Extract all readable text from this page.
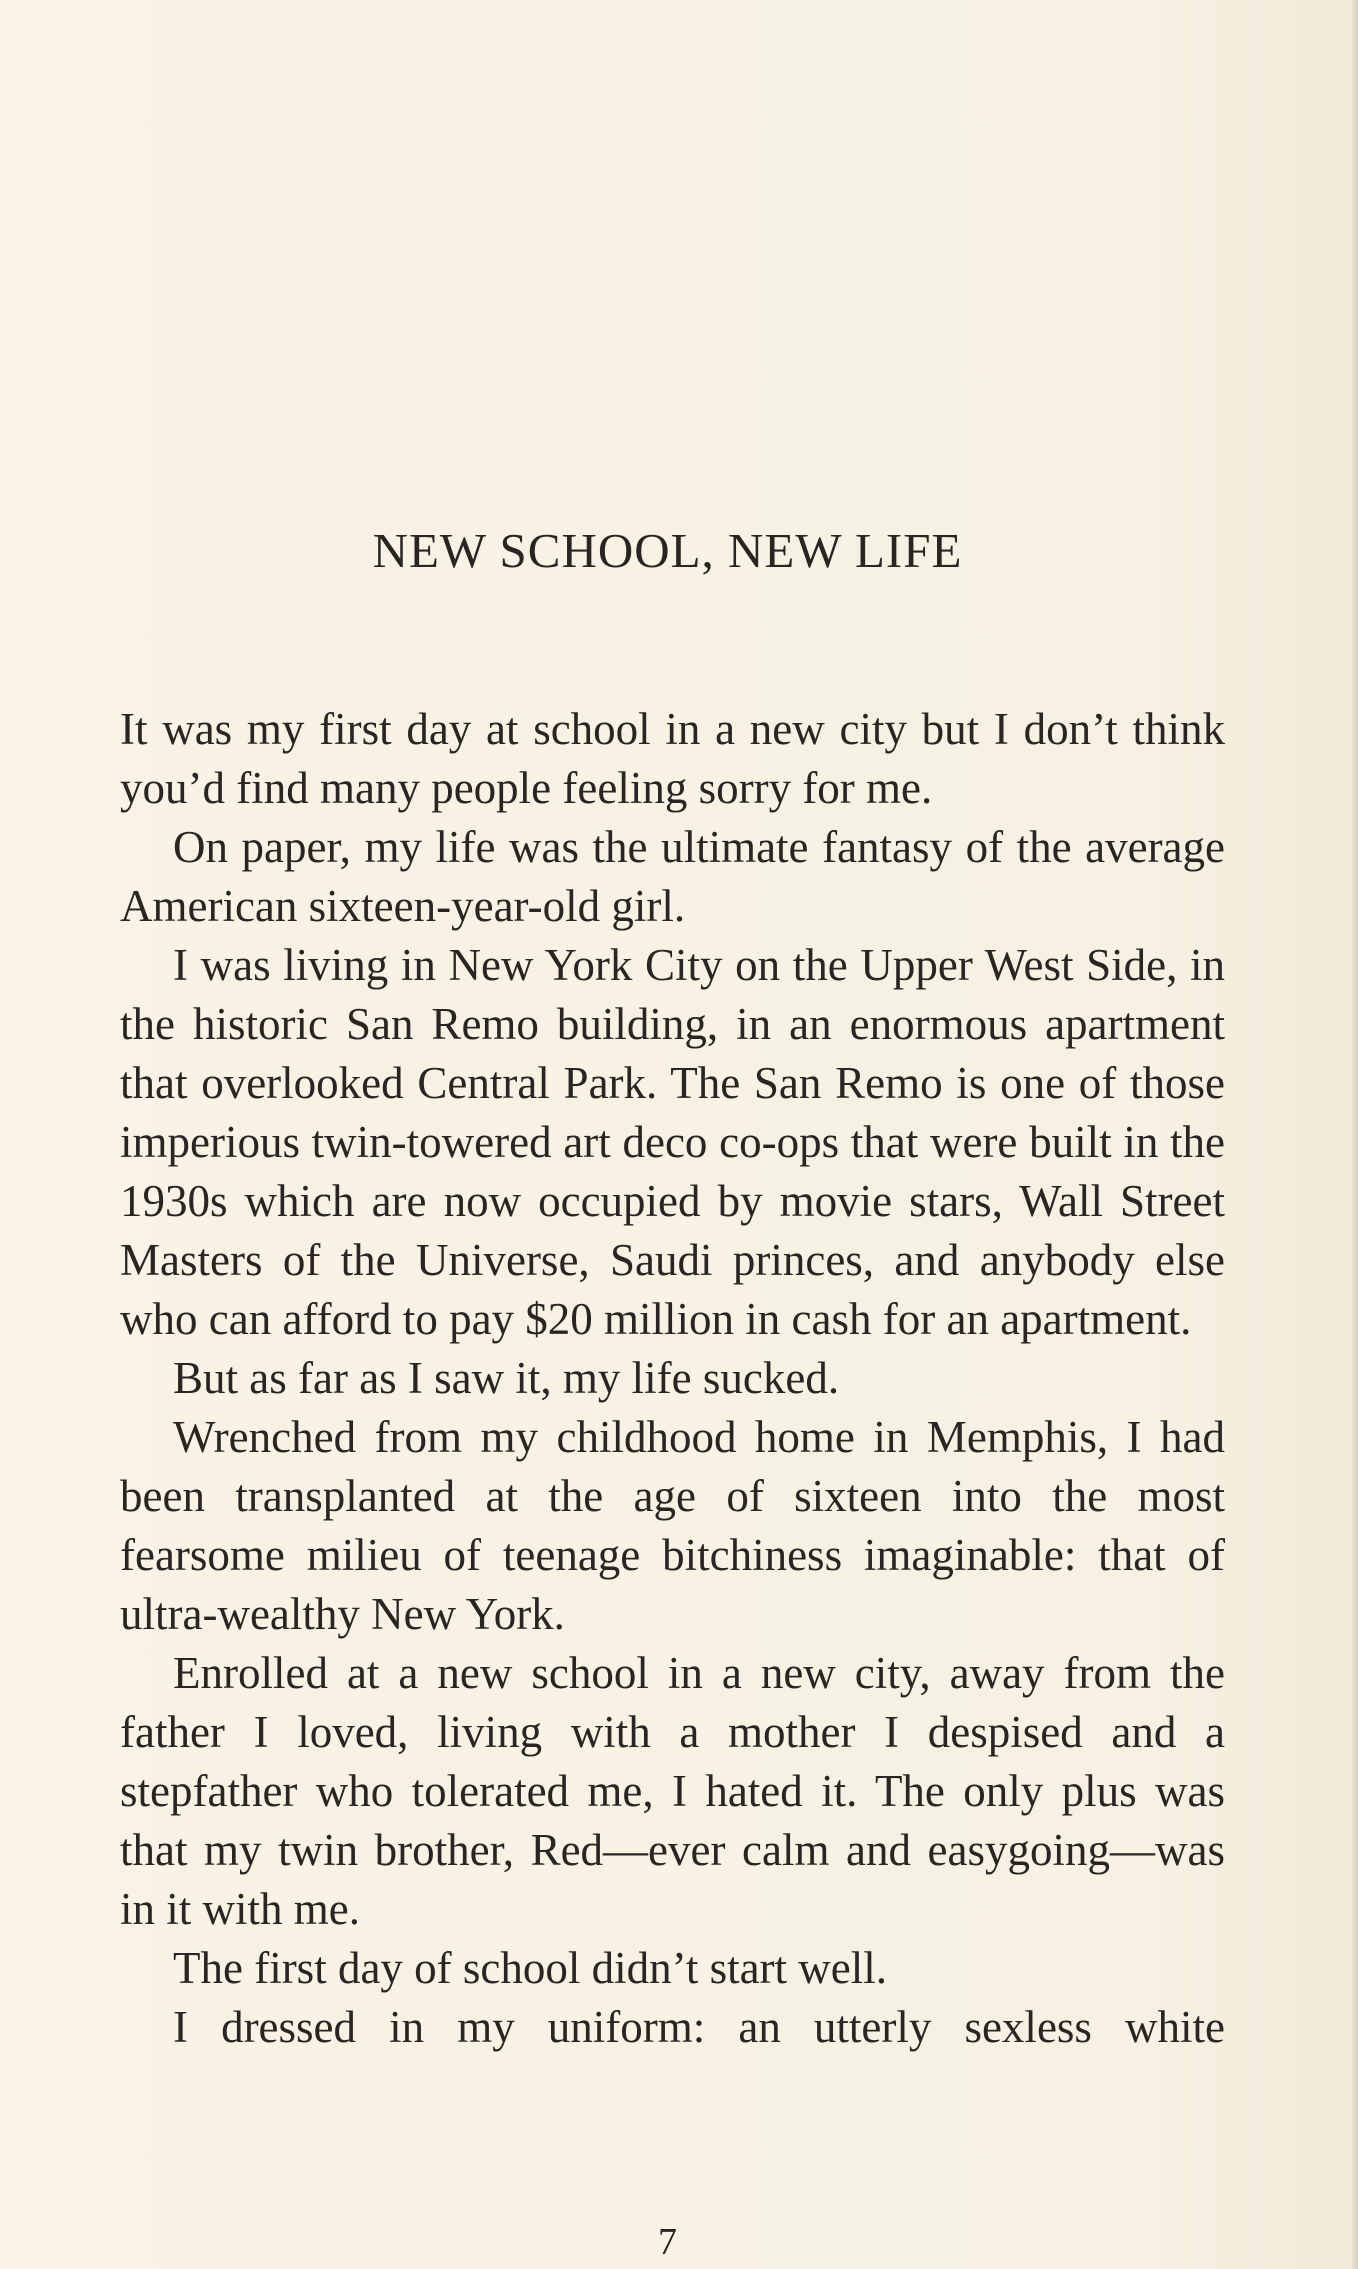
NEW SCHOOL, NEW LIFE

It was my first day at school in a new city but I don’t think you’d find many people feeling sorry for me.

On paper, my life was the ultimate fantasy of the average American sixteen-year-old girl.

I was living in New York City on the Upper West Side, in the historic San Remo building, in an enormous apartment that overlooked Central Park. The San Remo is one of those imperious twin-towered art deco co-ops that were built in the 1930s which are now occupied by movie stars, Wall Street Masters of the Universe, Saudi princes, and anybody else who can afford to pay $20 million in cash for an apartment.

But as far as I saw it, my life sucked.

Wrenched from my childhood home in Memphis, I had been transplanted at the age of sixteen into the most fearsome milieu of teenage bitchiness imaginable: that of ultra-wealthy New York.

Enrolled at a new school in a new city, away from the father I loved, living with a mother I despised and a stepfather who tolerated me, I hated it. The only plus was that my twin brother, Red—ever calm and easygoing—was in it with me.

The first day of school didn’t start well.

I dressed in my uniform: an utterly sexless white

7
